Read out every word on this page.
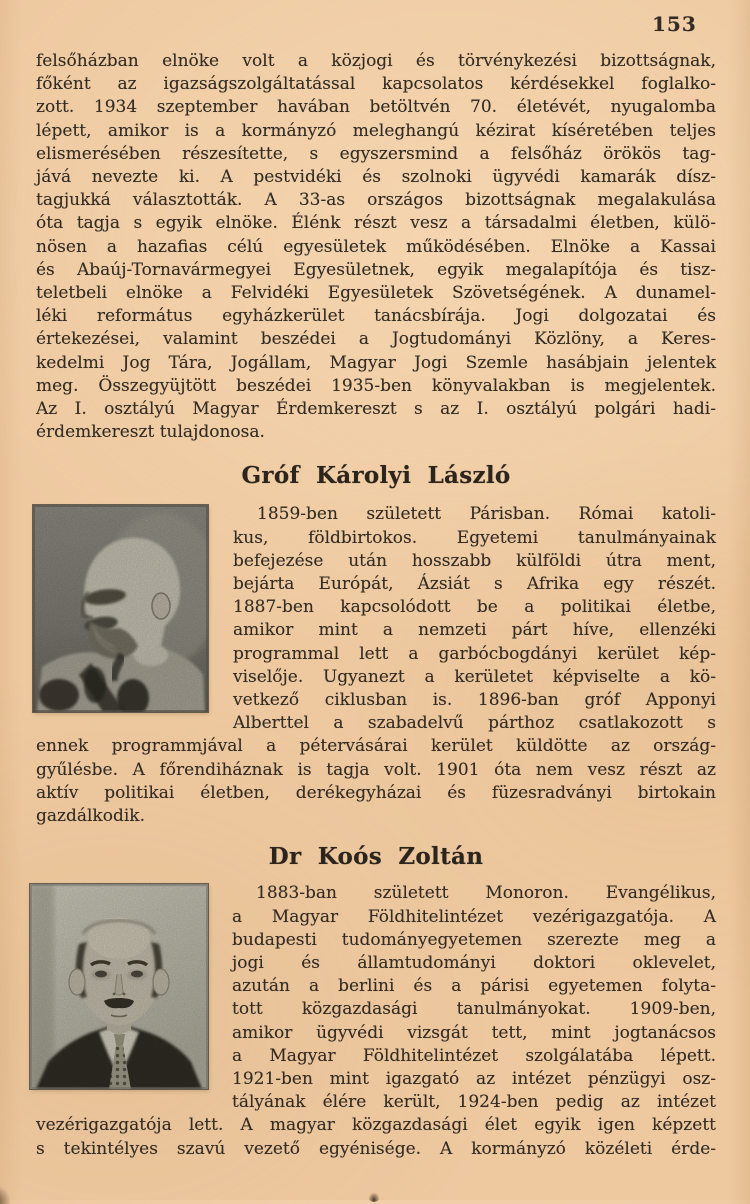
153
felsőházban elnöke volt a közjogi és törvénykezési bizottságnak,
főként az igazságszolgáltatással kapcsolatos kérdésekkel foglalko-
zott. 1934 szeptember havában betöltvén 70. életévét, nyugalomba
lépett, amikor is a kormányzó meleghangú kézirat kíséretében teljes
elismerésében részesítette, s egyszersmind a felsőház örökös tag-
jává nevezte ki. A pestvidéki és szolnoki ügyvédi kamarák dísz-
tagjukká választották. A 33-as országos bizottságnak megalakulása
óta tagja s egyik elnöke. Élénk részt vesz a társadalmi életben, külö-
nösen a hazafias célú egyesületek működésében. Elnöke a Kassai
és Abaúj-Tornavármegyei Egyesületnek, egyik megalapítója és tisz-
teletbeli elnöke a Felvidéki Egyesületek Szövetségének. A dunamel-
léki református egyházkerület tanácsbírája. Jogi dolgozatai és
értekezései, valamint beszédei a Jogtudományi Közlöny, a Keres-
kedelmi Jog Tára, Jogállam, Magyar Jogi Szemle hasábjain jelentek
meg. Összegyüjtött beszédei 1935-ben könyvalakban is megjelentek.
Az I. osztályú Magyar Érdemkereszt s az I. osztályú polgári hadi-
érdemkereszt tulajdonosa.
Gróf Károlyi László
1859-ben született Párisban. Római katoli-
kus, földbirtokos. Egyetemi tanulmányainak
befejezése után hosszabb külföldi útra ment,
bejárta Európát, Ázsiát s Afrika egy részét.
1887-ben kapcsolódott be a politikai életbe,
amikor mint a nemzeti párt híve, ellenzéki
programmal lett a garbócbogdányi kerület kép-
viselője. Ugyanezt a kerületet képviselte a kö-
vetkező ciklusban is. 1896-ban gróf Apponyi
Alberttel a szabadelvű párthoz csatlakozott s
ennek programmjával a pétervásárai kerület küldötte az ország-
gyűlésbe. A főrendiháznak is tagja volt. 1901 óta nem vesz részt az
aktív politikai életben, derékegyházai és füzesradványi birtokain
gazdálkodik.
Dr Koós Zoltán
1883-ban született Monoron. Evangélikus,
a Magyar Földhitelintézet vezérigazgatója. A
budapesti tudományegyetemen szerezte meg a
jogi és államtudományi doktori oklevelet,
azután a berlini és a párisi egyetemen folyta-
tott közgazdasági tanulmányokat. 1909-ben,
amikor ügyvédi vizsgát tett, mint jogtanácsos
a Magyar Földhitelintézet szolgálatába lépett.
1921-ben mint igazgató az intézet pénzügyi osz-
tályának élére került, 1924-ben pedig az intézet
vezérigazgatója lett. A magyar közgazdasági élet egyik igen képzett
s tekintélyes szavú vezető egyénisége. A kormányzó közéleti érde-
